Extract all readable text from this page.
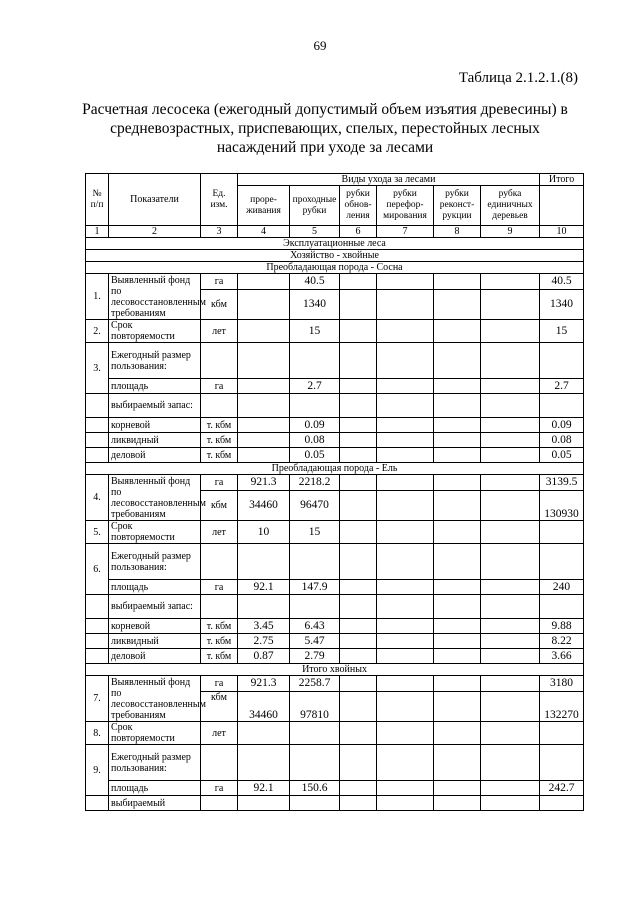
69
Таблица 2.1.2.1.(8)
Расчетная лесосека (ежегодный допустимый объем изъятия древесины) в средневозрастных, приспевающих, спелых, перестойных лесных насаждений при уходе за лесами
№ п/п	Показатели	Ед. изм.	Виды ухода за лесами						Итого
			проре-живания	проходные рубки	рубки обнов-ления	рубки перефор-мирования	рубки реконст-рукции	рубка единичных деревьев	
1	2	3	4	5	6	7	8	9	10
Эксплуатационные леса									
Хозяйство - хвойные									
Преобладающая порода - Сосна									
1.	Выявленный фонд по лесовосстановленным требованиям	га		40.5					40.5
		кбм		1340					1340
2.	Срок повторяемости	лет		15					15
3.	Ежегодный размер пользования:								
	площадь	га		2.7					2.7
	выбираемый запас:								
	корневой	т. кбм		0.09					0.09
	ликвидный	т. кбм		0.08					0.08
	деловой	т. кбм		0.05					0.05
Преобладающая порода - Ель									
4.	Выявленный фонд по лесовосстановленным требованиям	га	921.3	2218.2					3139.5
		кбм	34460	96470					130930
5.	Срок повторяемости	лет	10	15					
6.	Ежегодный размер пользования:								
	площадь	га	92.1	147.9					240
	выбираемый запас:								
	корневой	т. кбм	3.45	6.43					9.88
	ликвидный	т. кбм	2.75	5.47					8.22
	деловой	т. кбм	0.87	2.79					3.66
Итого хвойных									
7.	Выявленный фонд по лесовосстановленным требованиям	га	921.3	2258.7					3180
		кбм	34460	97810					132270
8.	Срок повторяемости	лет							
9.	Ежегодный размер пользования:								
	площадь	га	92.1	150.6					242.7
	выбираемый								
